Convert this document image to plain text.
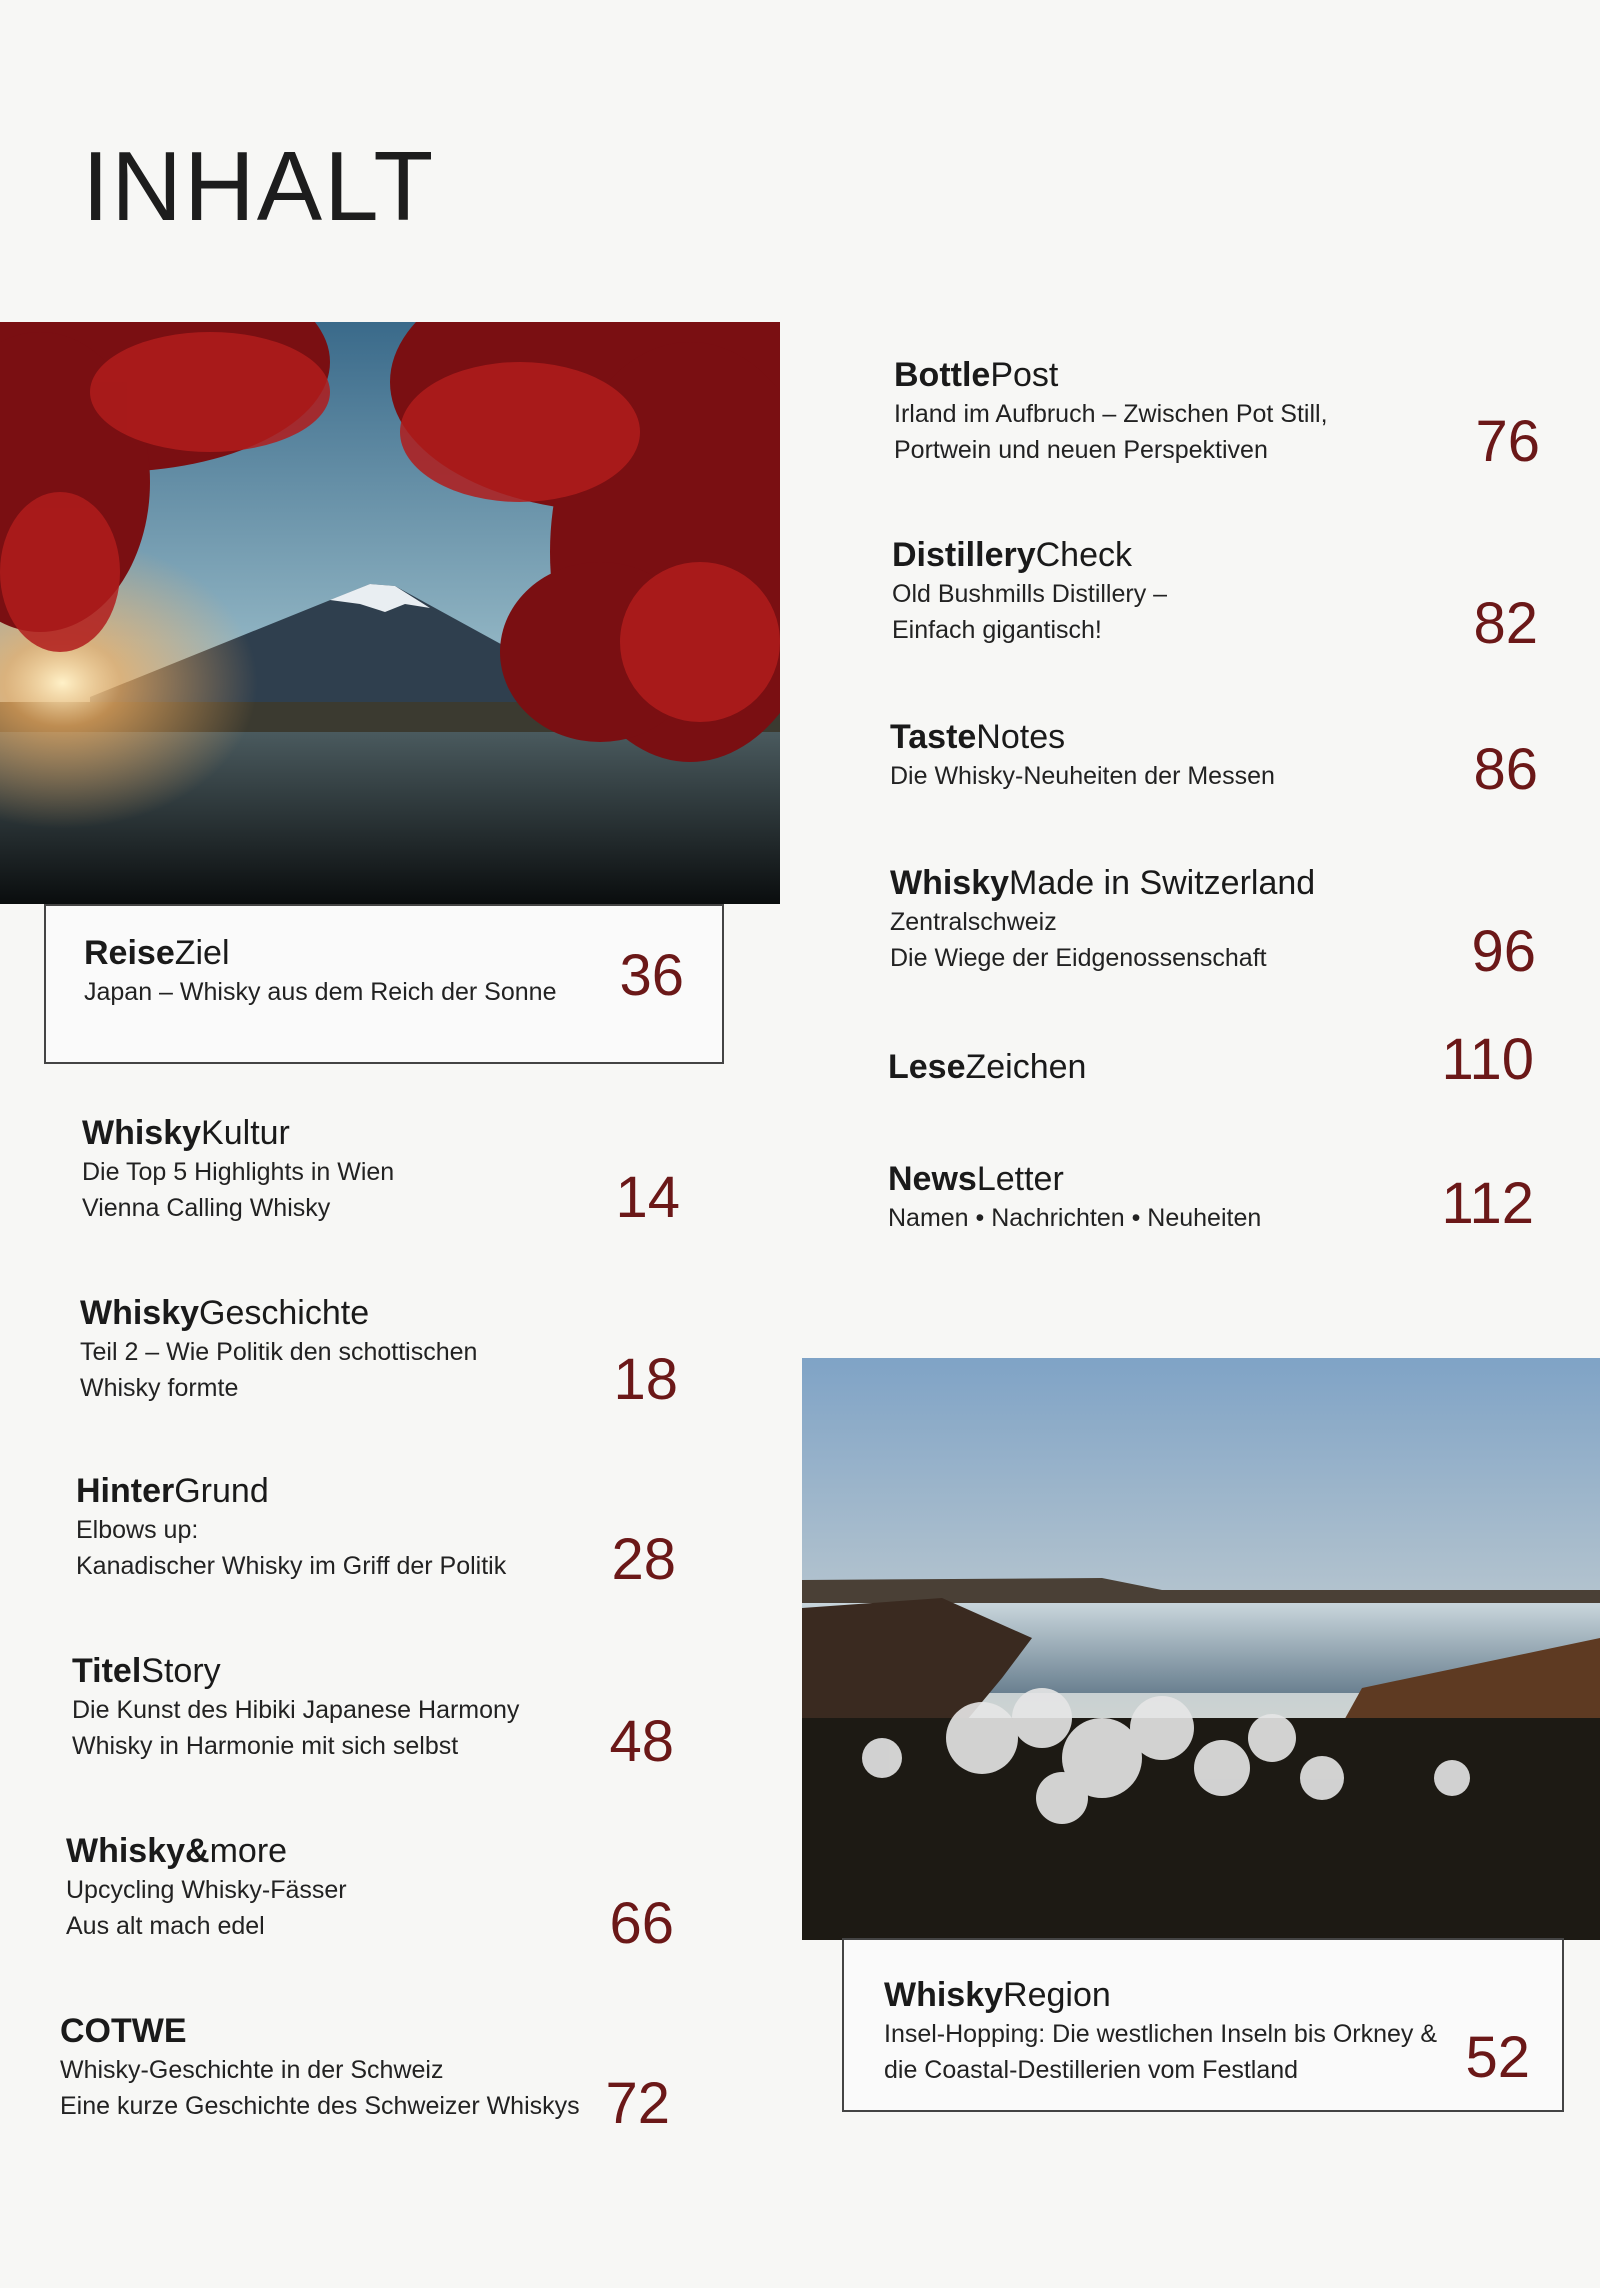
INHALT
ReiseZiel
Japan – Whisky aus dem Reich der Sonne	36
WhiskyKultur
Die Top 5 Highlights in Wien
Vienna Calling Whisky	14
WhiskyGeschichte
Teil 2 – Wie Politik den schottischen
Whisky formte	18
HinterGrund
Elbows up:
Kanadischer Whisky im Griff der Politik	28
TitelStory
Die Kunst des Hibiki Japanese Harmony
Whisky in Harmonie mit sich selbst	48
Whisky&more
Upcycling Whisky-Fässer
Aus alt mach edel	66
COTWE
Whisky-Geschichte in der Schweiz
Eine kurze Geschichte des Schweizer Whiskys 72
BottlePost
Irland im Aufbruch – Zwischen Pot Still,
Portwein und neuen Perspektiven	76
DistilleryCheck
Old Bushmills Distillery –
Einfach gigantisch!	82
TasteNotes
Die Whisky-Neuheiten der Messen	86
WhiskyMade in Switzerland
Zentralschweiz
Die Wiege der Eidgenossenschaft	96
LeseZeichen	110
NewsLetter
Namen • Nachrichten • Neuheiten	112
WhiskyRegion
Insel-Hopping: Die westlichen Inseln bis Orkney &
die Coastal-Destillerien vom Festland	52
